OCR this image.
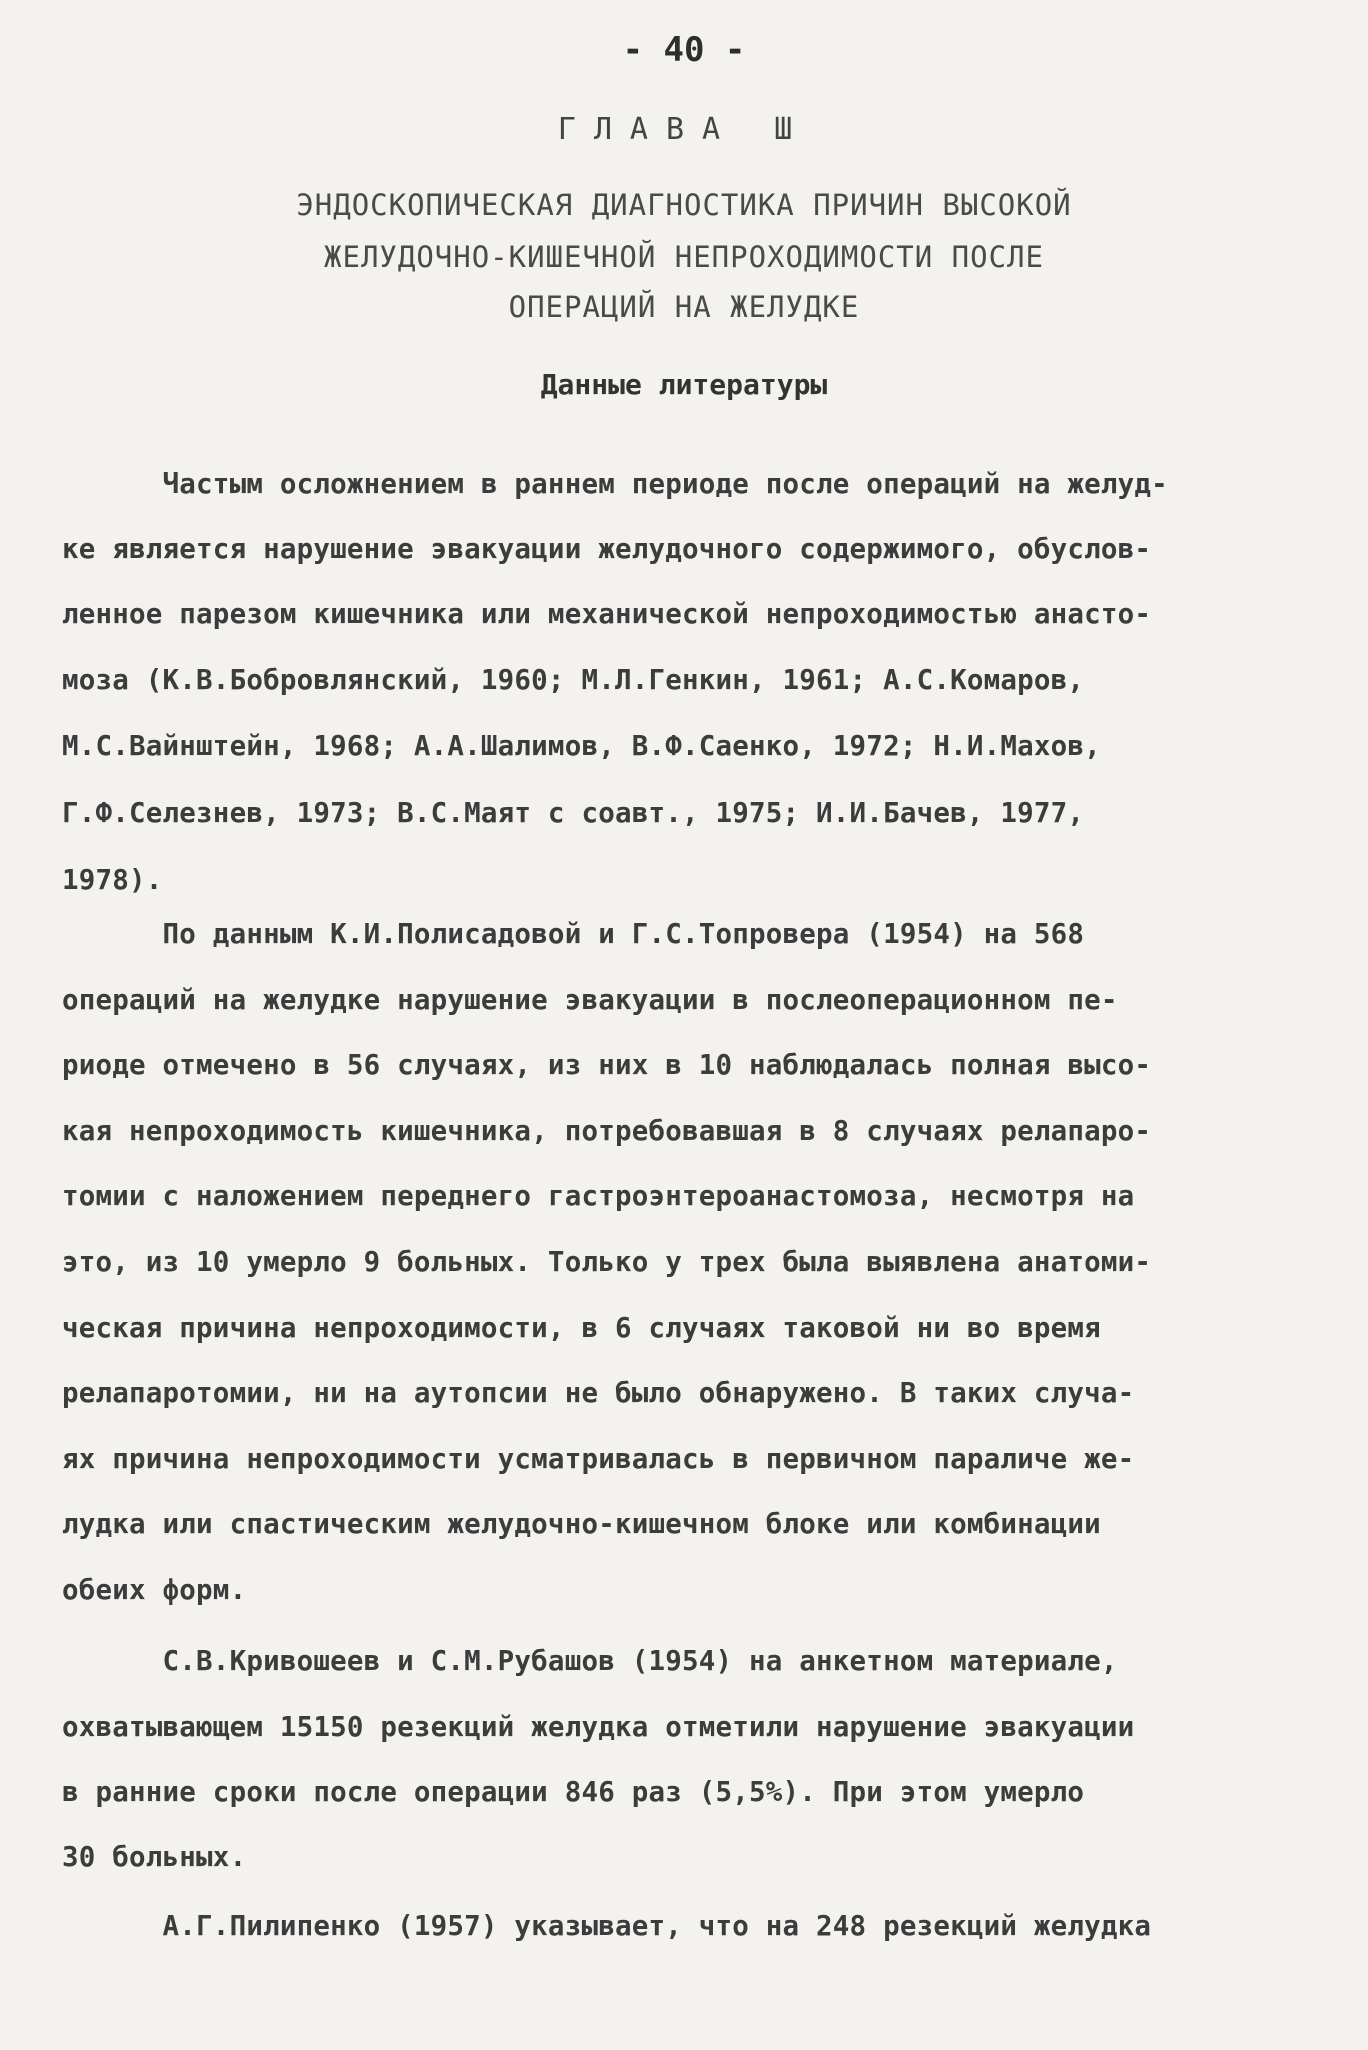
- 40 -
ГЛАВА Ш
ЭНДОСКОПИЧЕСКАЯ ДИАГНОСТИКА ПРИЧИН ВЫСОКОЙ
ЖЕЛУДОЧНО-КИШЕЧНОЙ НЕПРОХОДИМОСТИ ПОСЛЕ
ОПЕРАЦИЙ НА ЖЕЛУДКЕ
Данные литературы
Частым осложнением в раннем периоде после операций на желуд-
ке является нарушение эвакуации желудочного содержимого, обуслов-
ленное парезом кишечника или механической непроходимостью анасто-
моза (К.В.Бобровлянский, 1960; М.Л.Генкин, 1961; А.С.Комаров,
М.С.Вайнштейн, 1968; А.А.Шалимов, В.Ф.Саенко, 1972; Н.И.Махов,
Г.Ф.Селезнев, 1973; В.С.Маят с соавт., 1975; И.И.Бачев, 1977,
1978).
По данным К.И.Полисадовой и Г.С.Топровера (1954) на 568
операций на желудке нарушение эвакуации в послеоперационном пе-
риоде отмечено в 56 случаях, из них в 10 наблюдалась полная высо-
кая непроходимость кишечника, потребовавшая в 8 случаях релапаро-
томии с наложением переднего гастроэнтероанастомоза, несмотря на
это, из 10 умерло 9 больных. Только у трех была выявлена анатоми-
ческая причина непроходимости, в 6 случаях таковой ни во время
релапаротомии, ни на аутопсии не было обнаружено. В таких случа-
ях причина непроходимости усматривалась в первичном параличе же-
лудка или спастическим желудочно-кишечном блоке или комбинации
обеих форм.
С.В.Кривошеев и С.М.Рубашов (1954) на анкетном материале,
охватывающем 15150 резекций желудка отметили нарушение эвакуации
в ранние сроки после операции 846 раз (5,5%). При этом умерло
30 больных.
А.Г.Пилипенко (1957) указывает, что на 248 резекций желудка
